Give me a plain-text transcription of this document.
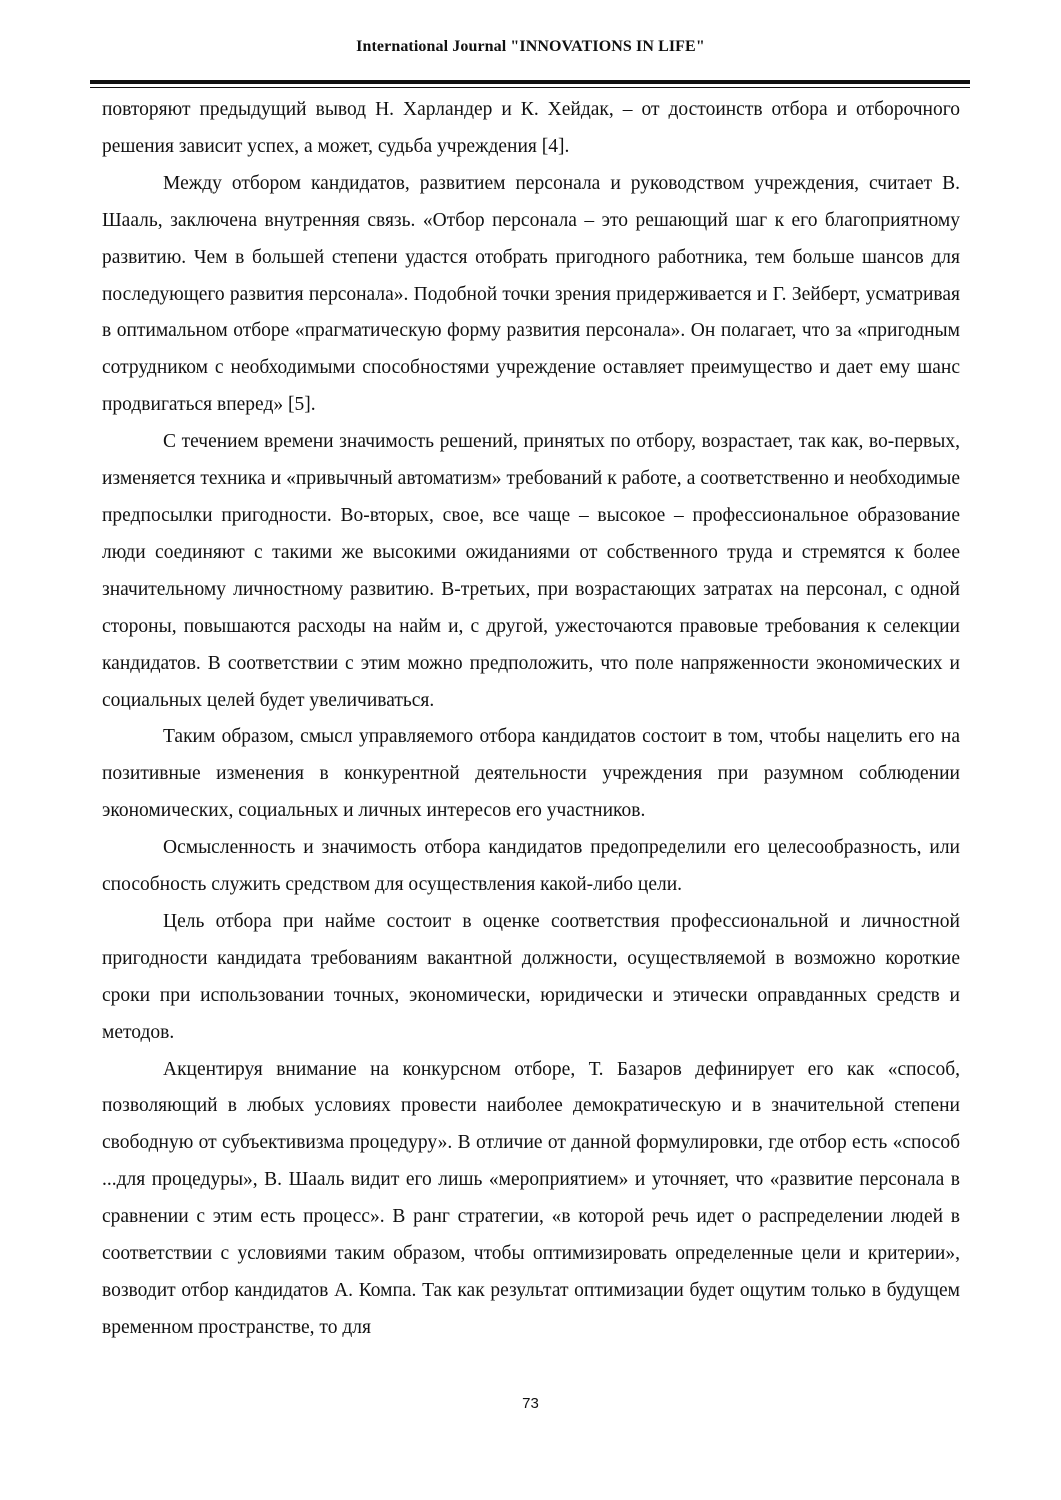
International Journal "INNOVATIONS IN LIFE"

повторяют предыдущий вывод Н. Харландер и К. Хейдак, – от достоинств отбора и отборочного решения зависит успех, а может, судьба учреждения [4].

Между отбором кандидатов, развитием персонала и руководством учреждения, считает В. Шааль, заключена внутренняя связь. «Отбор персонала – это решающий шаг к его благоприятному развитию. Чем в большей степени удастся отобрать пригодного работника, тем больше шансов для последующего развития персонала». Подобной точки зрения придерживается и Г. Зейберт, усматривая в оптимальном отборе «прагматическую форму развития персонала». Он полагает, что за «пригодным сотрудником с необходимыми способностями учреждение оставляет преимущество и дает ему шанс продвигаться вперед» [5].

С течением времени значимость решений, принятых по отбору, возрастает, так как, во-первых, изменяется техника и «привычный автоматизм» требований к работе, а соответственно и необходимые предпосылки пригодности. Во-вторых, свое, все чаще – высокое – профессиональное образование люди соединяют с такими же высокими ожиданиями от собственного труда и стремятся к более значительному личностному развитию. В-третьих, при возрастающих затратах на персонал, с одной стороны, повышаются расходы на найм и, с другой, ужесточаются правовые требования к селекции кандидатов. В соответствии с этим можно предположить, что поле напряженности экономических и социальных целей будет увеличиваться.

Таким образом, смысл управляемого отбора кандидатов состоит в том, чтобы нацелить его на позитивные изменения в конкурентной деятельности учреждения при разумном соблюдении экономических, социальных и личных интересов его участников.

Осмысленность и значимость отбора кандидатов предопределили его целесообразность, или способность служить средством для осуществления какой-либо цели.

Цель отбора при найме состоит в оценке соответствия профессиональной и личностной пригодности кандидата требованиям вакантной должности, осуществляемой в возможно короткие сроки при использовании точных, экономически, юридически и этически оправданных средств и методов.

Акцентируя внимание на конкурсном отборе, Т. Базаров дефинирует его как «способ, позволяющий в любых условиях провести наиболее демократическую и в значительной степени свободную от субъективизма процедуру». В отличие от данной формулировки, где отбор есть «способ ...для процедуры», В. Шааль видит его лишь «мероприятием» и уточняет, что «развитие персонала в сравнении с этим есть процесс». В ранг стратегии, «в которой речь идет о распределении людей в соответствии с условиями таким образом, чтобы оптимизировать определенные цели и критерии», возводит отбор кандидатов А. Компа. Так как результат оптимизации будет ощутим только в будущем временном пространстве, то для

73
